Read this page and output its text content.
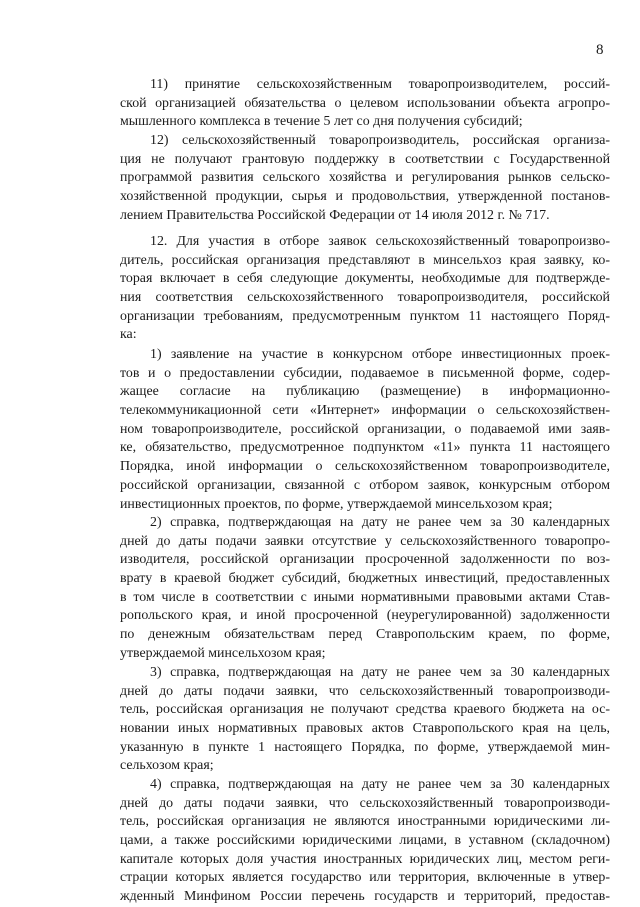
8
11) принятие сельскохозяйственным товаропроизводителем, россий-
ской организацией обязательства о целевом использовании объекта агропро-
мышленного комплекса в течение 5 лет со дня получения субсидий;
12) сельскохозяйственный товаропроизводитель, российская организа-
ция не получают грантовую поддержку в соответствии с Государственной
программой развития сельского хозяйства и регулирования рынков сельско-
хозяйственной продукции, сырья и продовольствия, утвержденной постанов-
лением Правительства Российской Федерации от 14 июля 2012 г. № 717.
12. Для участия в отборе заявок сельскохозяйственный товаропроизво-
дитель, российская организация представляют в минсельхоз края заявку, ко-
торая включает в себя следующие документы, необходимые для подтвержде-
ния соответствия сельскохозяйственного товаропроизводителя, российской
организации требованиям, предусмотренным пунктом 11 настоящего Поряд-
ка:
1) заявление на участие в конкурсном отборе инвестиционных проек-
тов и о предоставлении субсидии, подаваемое в письменной форме, содер-
жащее согласие на публикацию (размещение) в информационно-
телекоммуникационной сети «Интернет» информации о сельскохозяйствен-
ном товаропроизводителе, российской организации, о подаваемой ими заяв-
ке, обязательство, предусмотренное подпунктом «11» пункта 11 настоящего
Порядка, иной информации о сельскохозяйственном товаропроизводителе,
российской организации, связанной с отбором заявок, конкурсным отбором
инвестиционных проектов, по форме, утверждаемой минсельхозом края;
2) справка, подтверждающая на дату не ранее чем за 30 календарных
дней до даты подачи заявки отсутствие у сельскохозяйственного товаропро-
изводителя, российской организации просроченной задолженности по воз-
врату в краевой бюджет субсидий, бюджетных инвестиций, предоставленных
в том числе в соответствии с иными нормативными правовыми актами Став-
ропольского края, и иной просроченной (неурегулированной) задолженности
по денежным обязательствам перед Ставропольским краем, по форме,
утверждаемой минсельхозом края;
3) справка, подтверждающая на дату не ранее чем за 30 календарных
дней до даты подачи заявки, что сельскохозяйственный товаропроизводи-
тель, российская организация не получают средства краевого бюджета на ос-
новании иных нормативных правовых актов Ставропольского края на цель,
указанную в пункте 1 настоящего Порядка, по форме, утверждаемой мин-
сельхозом края;
4) справка, подтверждающая на дату не ранее чем за 30 календарных
дней до даты подачи заявки, что сельскохозяйственный товаропроизводи-
тель, российская организация не являются иностранными юридическими ли-
цами, а также российскими юридическими лицами, в уставном (складочном)
капитале которых доля участия иностранных юридических лиц, местом реги-
страции которых является государство или территория, включенные в утвер-
жденный Минфином России перечень государств и территорий, предостав-
